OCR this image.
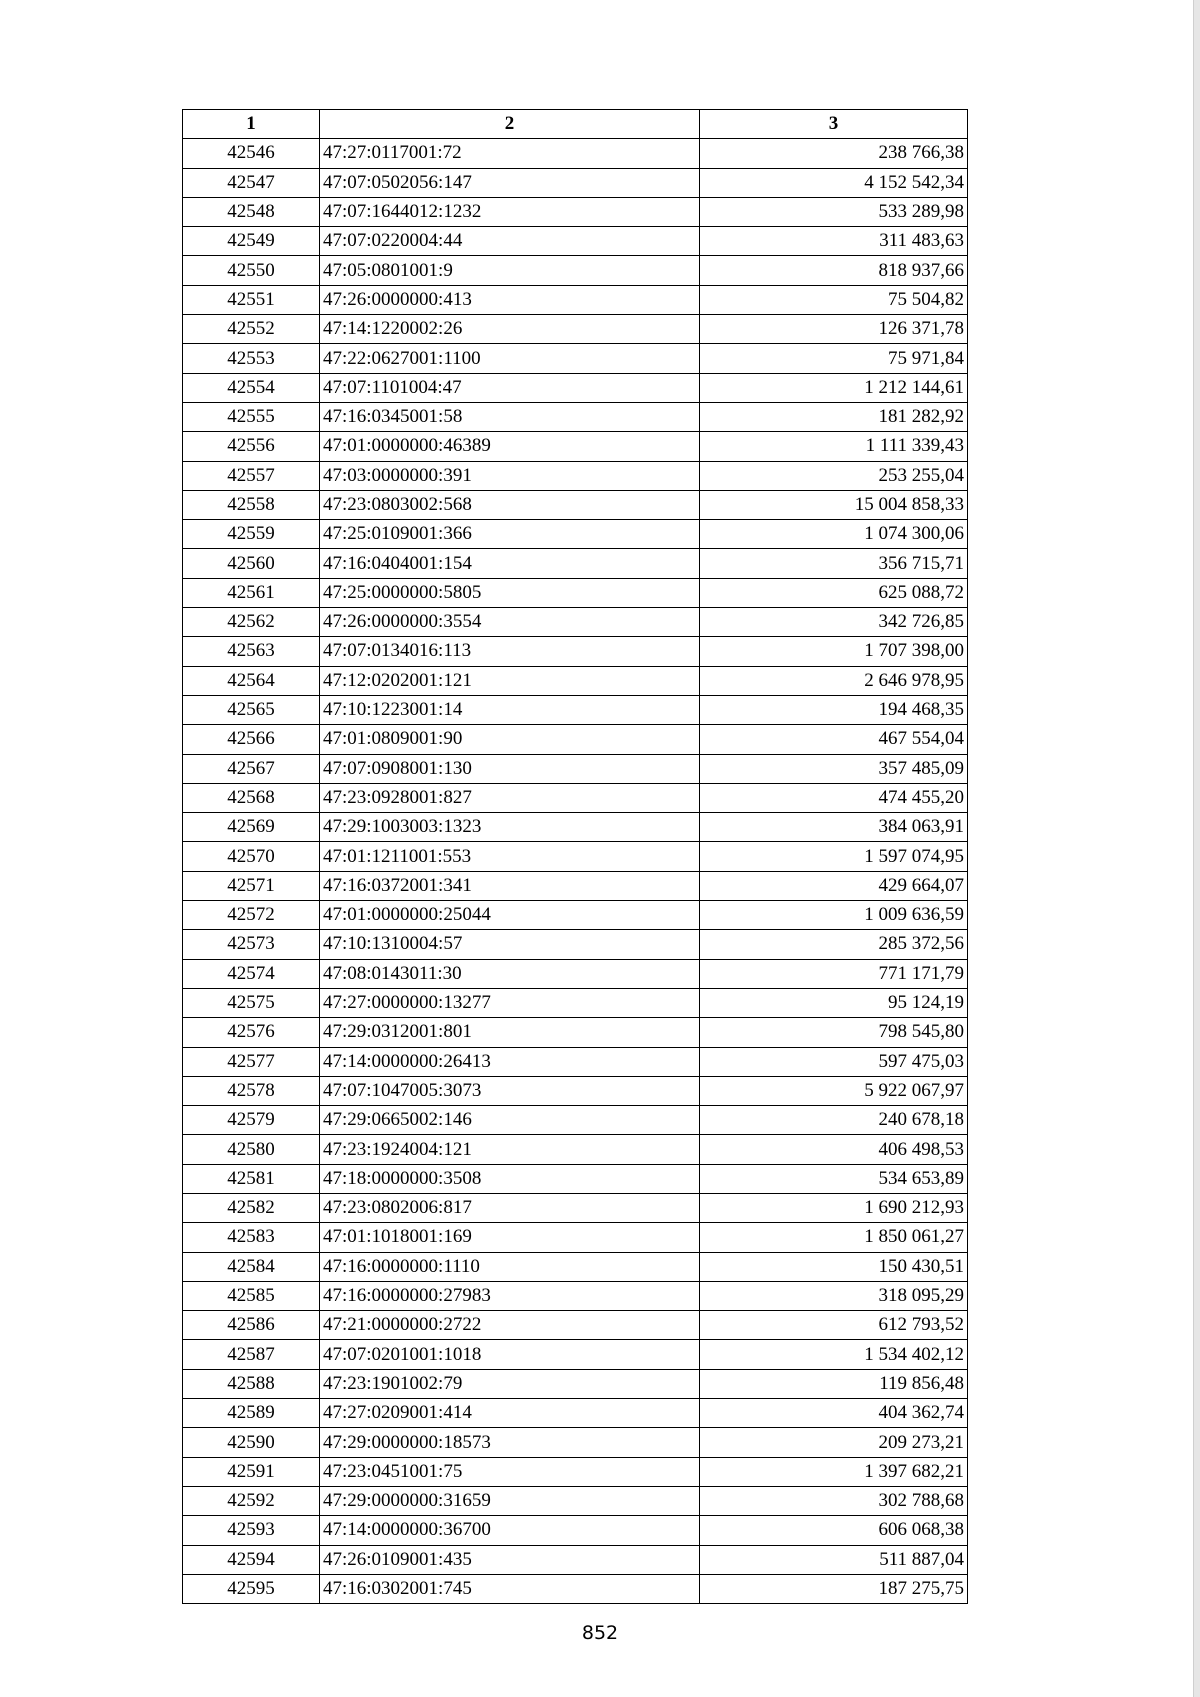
1	2	3
42546	47:27:0117001:72	238 766,38
42547	47:07:0502056:147	4 152 542,34
42548	47:07:1644012:1232	533 289,98
42549	47:07:0220004:44	311 483,63
42550	47:05:0801001:9	818 937,66
42551	47:26:0000000:413	75 504,82
42552	47:14:1220002:26	126 371,78
42553	47:22:0627001:1100	75 971,84
42554	47:07:1101004:47	1 212 144,61
42555	47:16:0345001:58	181 282,92
42556	47:01:0000000:46389	1 111 339,43
42557	47:03:0000000:391	253 255,04
42558	47:23:0803002:568	15 004 858,33
42559	47:25:0109001:366	1 074 300,06
42560	47:16:0404001:154	356 715,71
42561	47:25:0000000:5805	625 088,72
42562	47:26:0000000:3554	342 726,85
42563	47:07:0134016:113	1 707 398,00
42564	47:12:0202001:121	2 646 978,95
42565	47:10:1223001:14	194 468,35
42566	47:01:0809001:90	467 554,04
42567	47:07:0908001:130	357 485,09
42568	47:23:0928001:827	474 455,20
42569	47:29:1003003:1323	384 063,91
42570	47:01:1211001:553	1 597 074,95
42571	47:16:0372001:341	429 664,07
42572	47:01:0000000:25044	1 009 636,59
42573	47:10:1310004:57	285 372,56
42574	47:08:0143011:30	771 171,79
42575	47:27:0000000:13277	95 124,19
42576	47:29:0312001:801	798 545,80
42577	47:14:0000000:26413	597 475,03
42578	47:07:1047005:3073	5 922 067,97
42579	47:29:0665002:146	240 678,18
42580	47:23:1924004:121	406 498,53
42581	47:18:0000000:3508	534 653,89
42582	47:23:0802006:817	1 690 212,93
42583	47:01:1018001:169	1 850 061,27
42584	47:16:0000000:1110	150 430,51
42585	47:16:0000000:27983	318 095,29
42586	47:21:0000000:2722	612 793,52
42587	47:07:0201001:1018	1 534 402,12
42588	47:23:1901002:79	119 856,48
42589	47:27:0209001:414	404 362,74
42590	47:29:0000000:18573	209 273,21
42591	47:23:0451001:75	1 397 682,21
42592	47:29:0000000:31659	302 788,68
42593	47:14:0000000:36700	606 068,38
42594	47:26:0109001:435	511 887,04
42595	47:16:0302001:745	187 275,75
852
